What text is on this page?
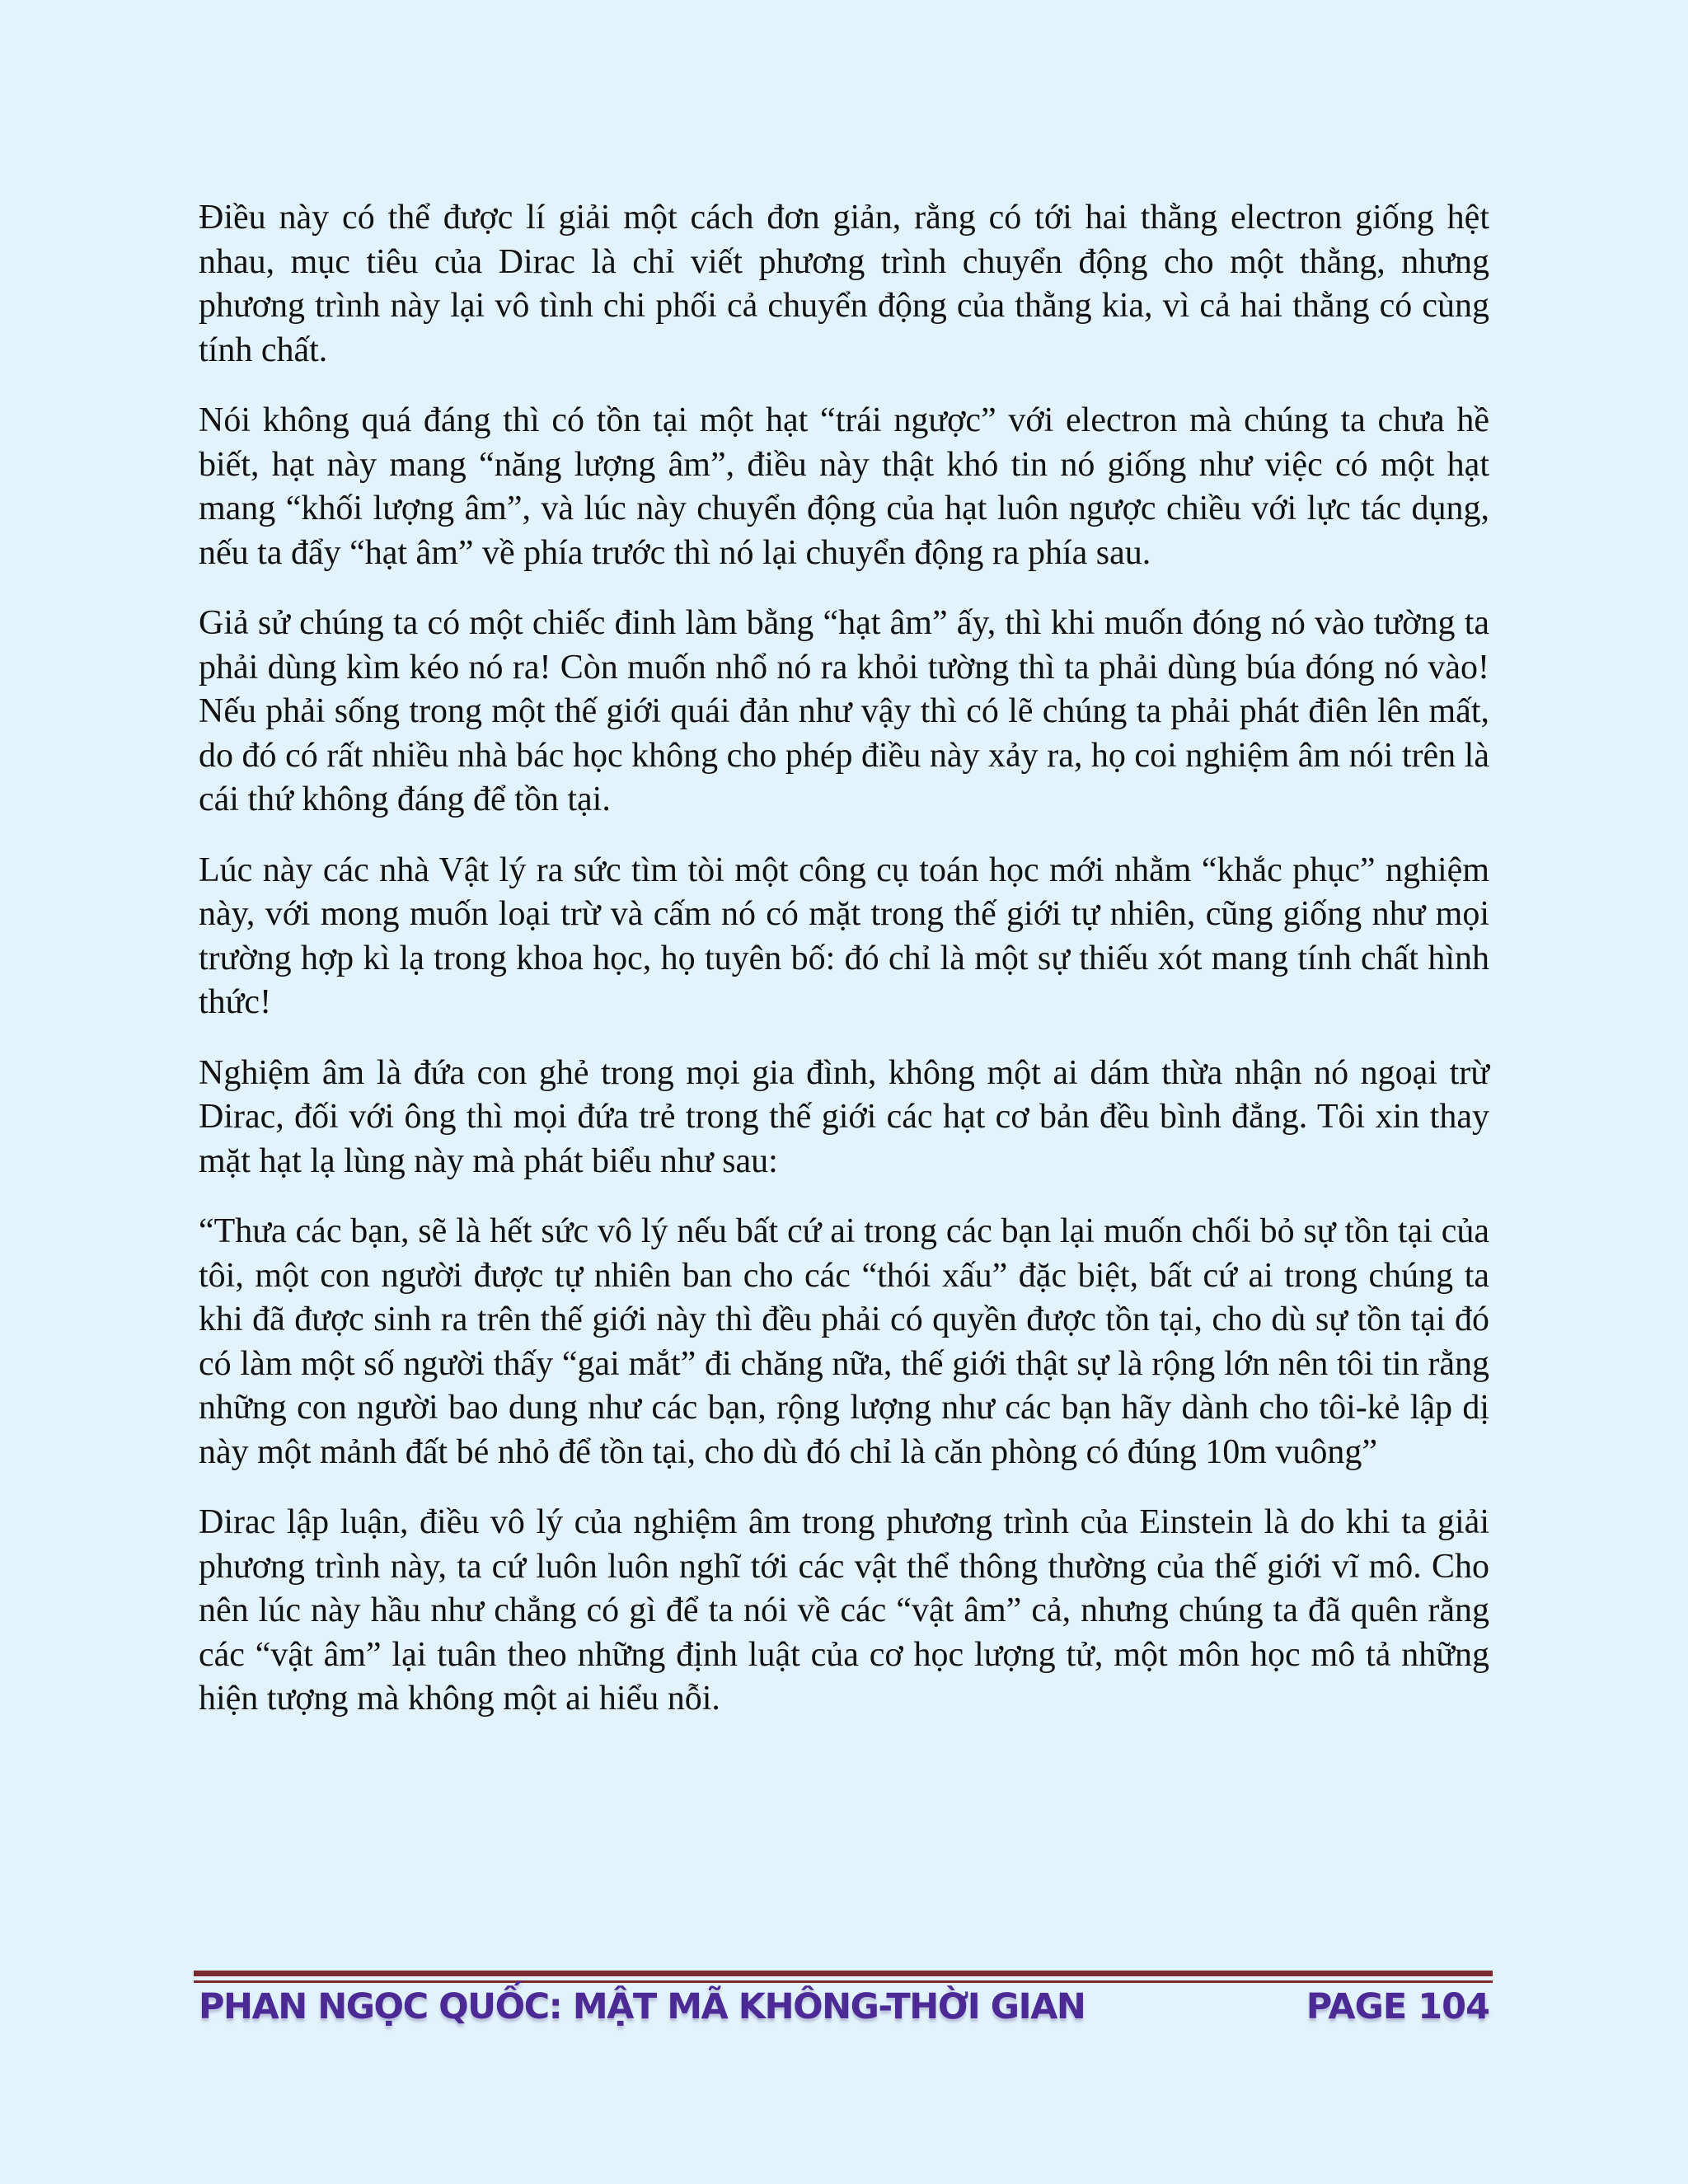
Điều này có thể được lí giải một cách đơn giản, rằng có tới hai thằng electron giống hệt nhau, mục tiêu của Dirac là chỉ viết phương trình chuyển động cho một thằng, nhưng phương trình này lại vô tình chi phối cả chuyển động của thằng kia, vì cả hai thằng có cùng tính chất.

Nói không quá đáng thì có tồn tại một hạt “trái ngược” với electron mà chúng ta chưa hề biết, hạt này mang “năng lượng âm”, điều này thật khó tin nó giống như việc có một hạt mang “khối lượng âm”, và lúc này chuyển động của hạt luôn ngược chiều với lực tác dụng, nếu ta đẩy “hạt âm” về phía trước thì nó lại chuyển động ra phía sau.

Giả sử chúng ta có một chiếc đinh làm bằng “hạt âm” ấy, thì khi muốn đóng nó vào tường ta phải dùng kìm kéo nó ra! Còn muốn nhổ nó ra khỏi tường thì ta phải dùng búa đóng nó vào! Nếu phải sống trong một thế giới quái đản như vậy thì có lẽ chúng ta phải phát điên lên mất, do đó có rất nhiều nhà bác học không cho phép điều này xảy ra, họ coi nghiệm âm nói trên là cái thứ không đáng để tồn tại.

Lúc này các nhà Vật lý ra sức tìm tòi một công cụ toán học mới nhằm “khắc phục” nghiệm này, với mong muốn loại trừ và cấm nó có mặt trong thế giới tự nhiên, cũng giống như mọi trường hợp kì lạ trong khoa học, họ tuyên bố: đó chỉ là một sự thiếu xót mang tính chất hình thức!

Nghiệm âm là đứa con ghẻ trong mọi gia đình, không một ai dám thừa nhận nó ngoại trừ Dirac, đối với ông thì mọi đứa trẻ trong thế giới các hạt cơ bản đều bình đẳng. Tôi xin thay mặt hạt lạ lùng này mà phát biểu như sau:

“Thưa các bạn, sẽ là hết sức vô lý nếu bất cứ ai trong các bạn lại muốn chối bỏ sự tồn tại của tôi, một con người được tự nhiên ban cho các “thói xấu” đặc biệt, bất cứ ai trong chúng ta khi đã được sinh ra trên thế giới này thì đều phải có quyền được tồn tại, cho dù sự tồn tại đó có làm một số người thấy “gai mắt” đi chăng nữa, thế giới thật sự là rộng lớn nên tôi tin rằng những con người bao dung như các bạn, rộng lượng như các bạn hãy dành cho tôi-kẻ lập dị này một mảnh đất bé nhỏ để tồn tại, cho dù đó chỉ là căn phòng có đúng 10m vuông”

Dirac lập luận, điều vô lý của nghiệm âm trong phương trình của Einstein là do khi ta giải phương trình này, ta cứ luôn luôn nghĩ tới các vật thể thông thường của thế giới vĩ mô. Cho nên lúc này hầu như chẳng có gì để ta nói về các “vật âm” cả, nhưng chúng ta đã quên rằng các “vật âm” lại tuân theo những định luật của cơ học lượng tử, một môn học mô tả những hiện tượng mà không một ai hiểu nỗi.

PHAN NGỌC QUỐC: MẬT MÃ KHÔNG-THỜI GIAN	PAGE 104
